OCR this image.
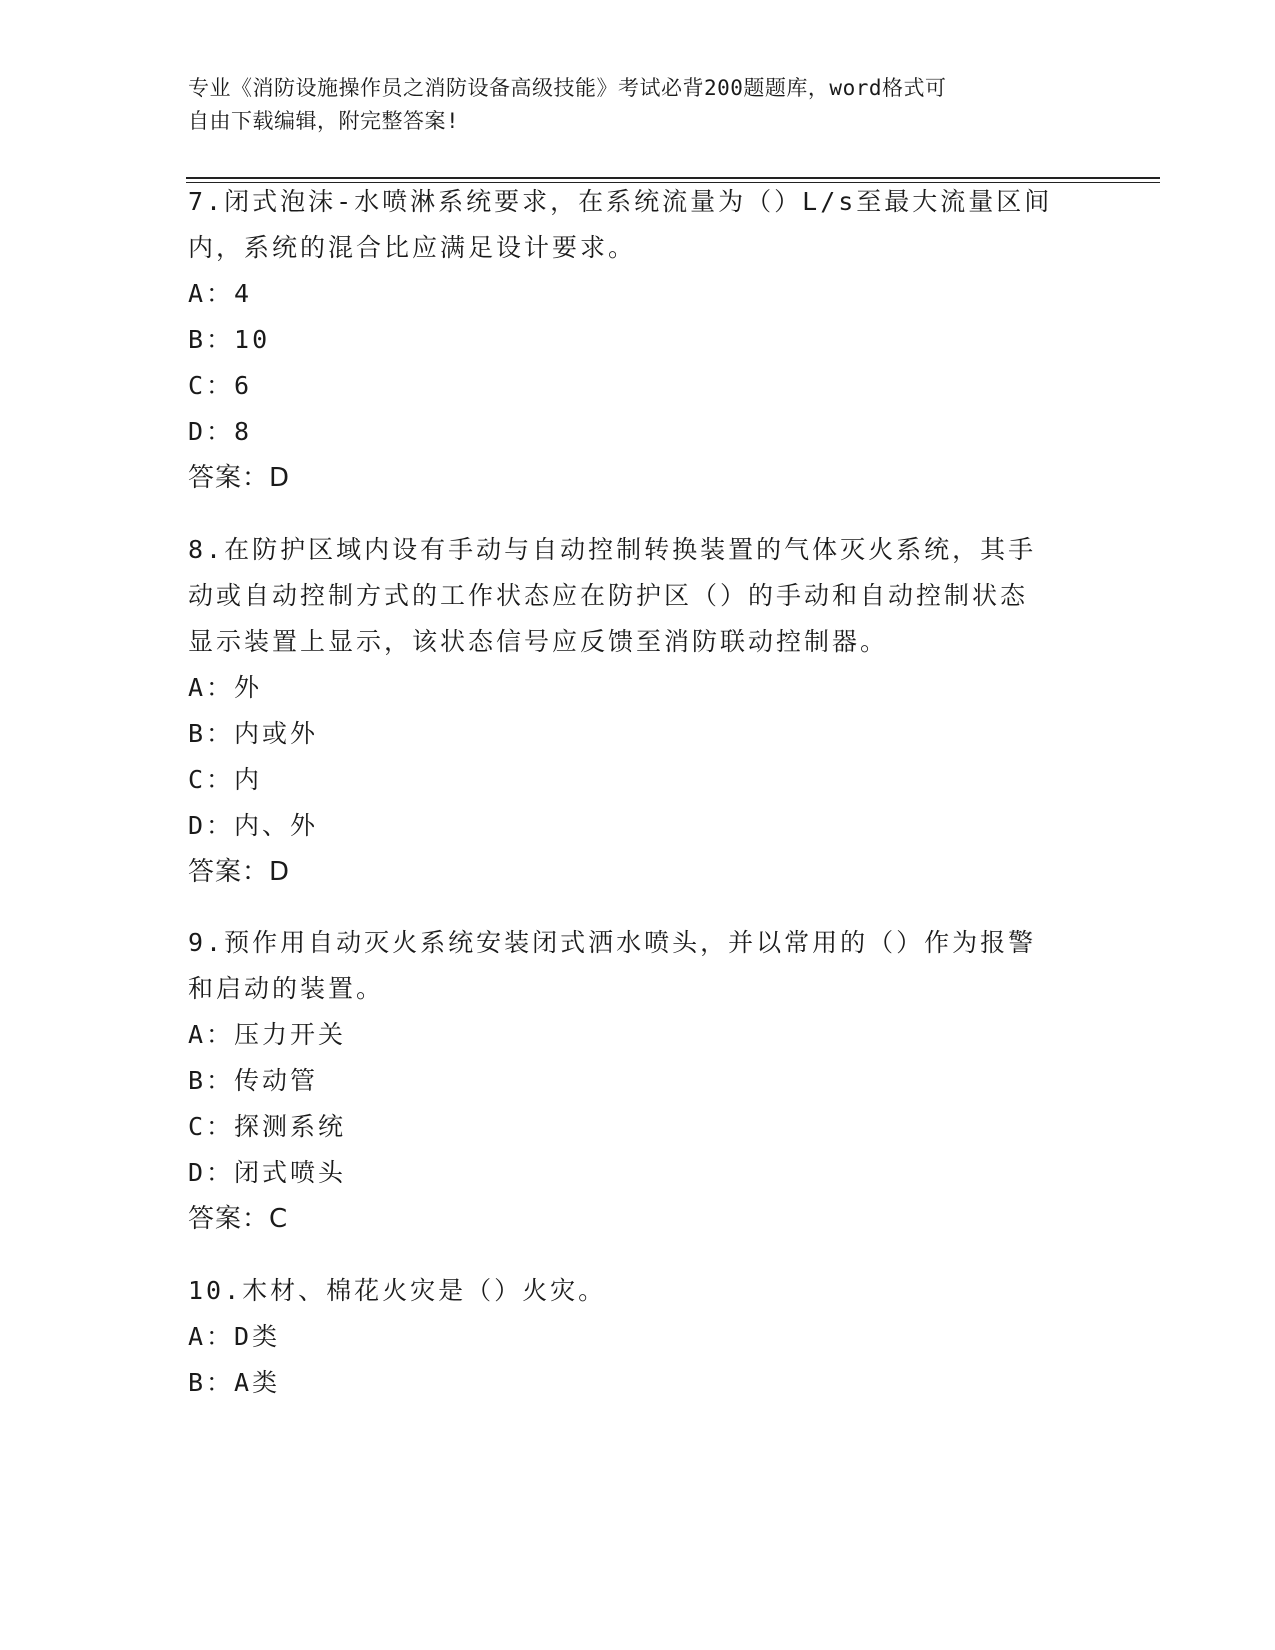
专业《消防设施操作员之消防设备高级技能》考试必背200题题库，word格式可
自由下载编辑，附完整答案!
7.闭式泡沫-水喷淋系统要求，在系统流量为（）L/s至最大流量区间
内，系统的混合比应满足设计要求。
A：4
B：10
C：6
D：8
答案：D
8.在防护区域内设有手动与自动控制转换装置的气体灭火系统，其手
动或自动控制方式的工作状态应在防护区（）的手动和自动控制状态
显示装置上显示，该状态信号应反馈至消防联动控制器。
A：外
B：内或外
C：内
D：内、外
答案：D
9.预作用自动灭火系统安装闭式洒水喷头，并以常用的（）作为报警
和启动的装置。
A：压力开关
B：传动管
C：探测系统
D：闭式喷头
答案：C
10.木材、棉花火灾是（）火灾。
A：D类
B：A类
